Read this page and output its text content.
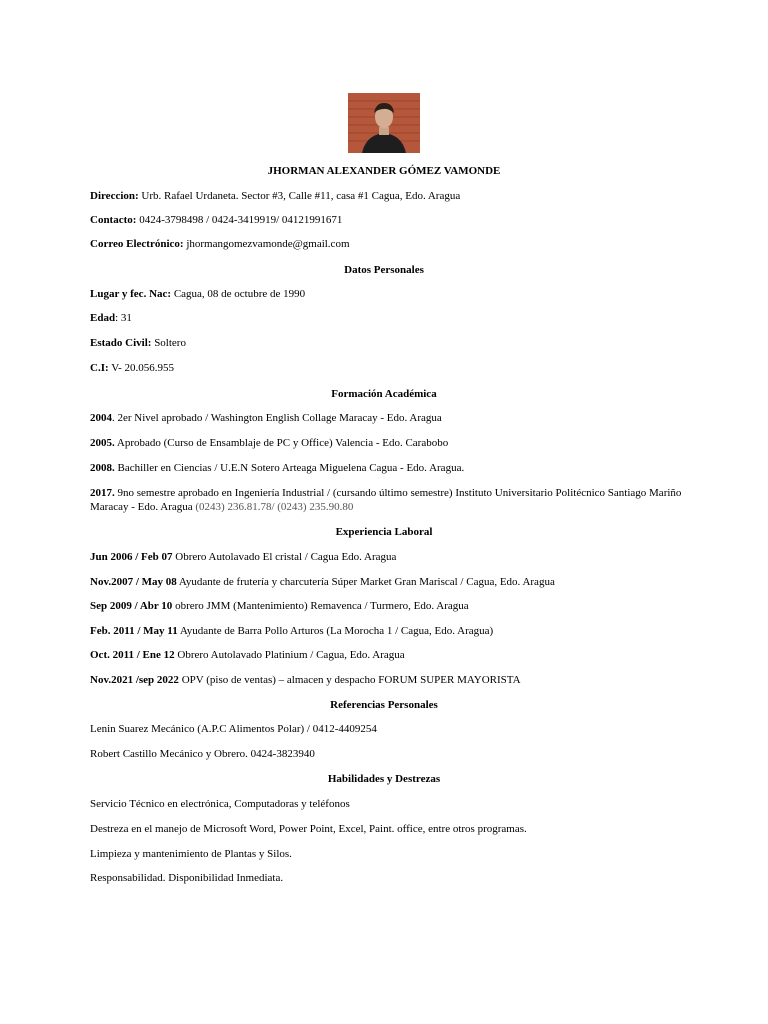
JHORMAN ALEXANDER GÓMEZ VAMONDE
Direccion: Urb. Rafael Urdaneta. Sector #3, Calle #11, casa #1 Cagua, Edo. Aragua
Contacto: 0424-3798498 / 0424-3419919/ 04121991671
Correo Electrónico: jhormangomezvamonde@gmail.com
Datos Personales
Lugar y fec. Nac: Cagua, 08 de octubre de 1990
Edad: 31
Estado Civil: Soltero
C.I: V- 20.056.955
Formación Académica
2004. 2er Nivel aprobado / Washington English Collage Maracay - Edo. Aragua
2005. Aprobado (Curso de Ensamblaje de PC y Office) Valencia - Edo. Carabobo
2008. Bachiller en Ciencias / U.E.N Sotero Arteaga Miguelena Cagua - Edo. Aragua.
2017. 9no semestre aprobado en Ingeniería Industrial / (cursando último semestre) Instituto Universitario Politécnico Santiago Mariño Maracay - Edo. Aragua (0243) 236.81.78/ (0243) 235.90.80
Experiencia Laboral
Jun 2006 / Feb 07 Obrero Autolavado El cristal / Cagua Edo. Aragua
Nov.2007 / May 08 Ayudante de frutería y charcutería Súper Market Gran Mariscal / Cagua, Edo. Aragua
Sep 2009 / Abr 10 obrero JMM (Mantenimiento) Remavenca / Turmero, Edo. Aragua
Feb. 2011 / May 11 Ayudante de Barra Pollo Arturos (La Morocha 1 / Cagua, Edo. Aragua)
Oct. 2011 / Ene 12 Obrero Autolavado Platinium / Cagua, Edo. Aragua
Nov.2021 /sep 2022 OPV (piso de ventas) – almacen y despacho FORUM SUPER MAYORISTA
Referencias Personales
Lenin Suarez Mecánico (A.P.C Alimentos Polar) / 0412-4409254
Robert Castillo Mecánico y Obrero. 0424-3823940
Habilidades y Destrezas
Servicio Técnico en electrónica, Computadoras y teléfonos
Destreza en el manejo de Microsoft Word, Power Point, Excel, Paint. office, entre otros programas.
Limpieza y mantenimiento de Plantas y Silos.
Responsabilidad. Disponibilidad Inmediata.
